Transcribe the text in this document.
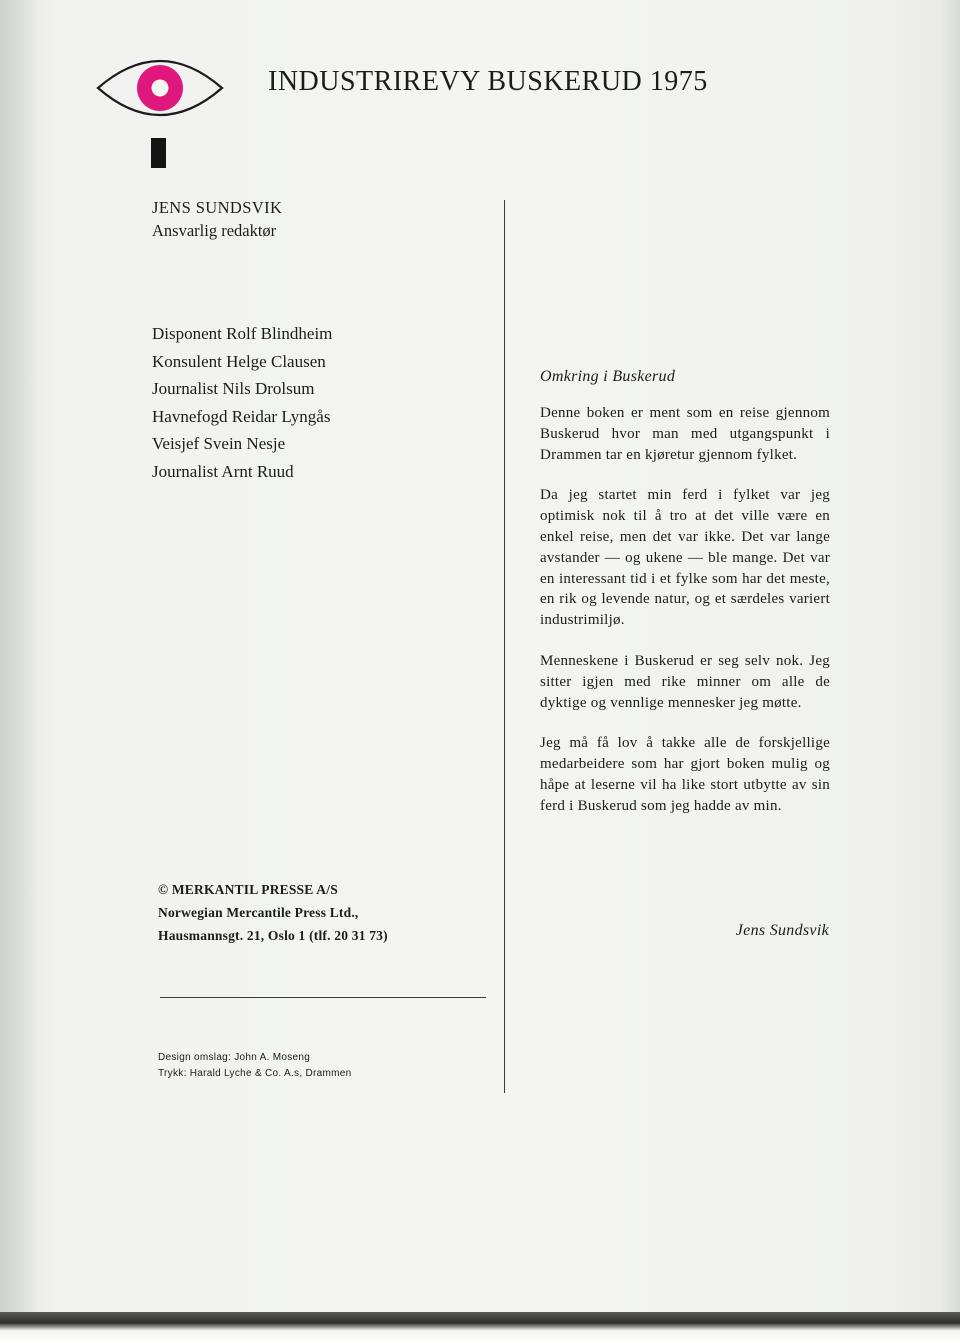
INDUSTRIREVY BUSKERUD 1975
JENS SUNDSVIK
Ansvarlig redaktør
Disponent Rolf Blindheim
Konsulent Helge Clausen
Journalist Nils Drolsum
Havnefogd Reidar Lyngås
Veisjef Svein Nesje
Journalist Arnt Ruud
© MERKANTIL PRESSE A/S
Norwegian Mercantile Press Ltd.,
Hausmannsgt. 21, Oslo 1 (tlf. 20 31 73)
Design omslag: John A. Moseng
Trykk: Harald Lyche & Co. A.s, Drammen
Omkring i Buskerud

Denne boken er ment som en reise gjennom Buskerud hvor man med utgangspunkt i Drammen tar en kjøretur gjennom fylket.

Da jeg startet min ferd i fylket var jeg optimisk nok til å tro at det ville være en enkel reise, men det var ikke. Det var lange avstander — og ukene — ble mange. Det var en interessant tid i et fylke som har det meste, en rik og levende natur, og et særdeles variert industrimiljø.

Menneskene i Buskerud er seg selv nok. Jeg sitter igjen med rike minner om alle de dyktige og vennlige mennesker jeg møtte.

Jeg må få lov å takke alle de forskjellige medarbeidere som har gjort boken mulig og håpe at leserne vil ha like stort utbytte av sin ferd i Buskerud som jeg hadde av min.

Jens Sundsvik
